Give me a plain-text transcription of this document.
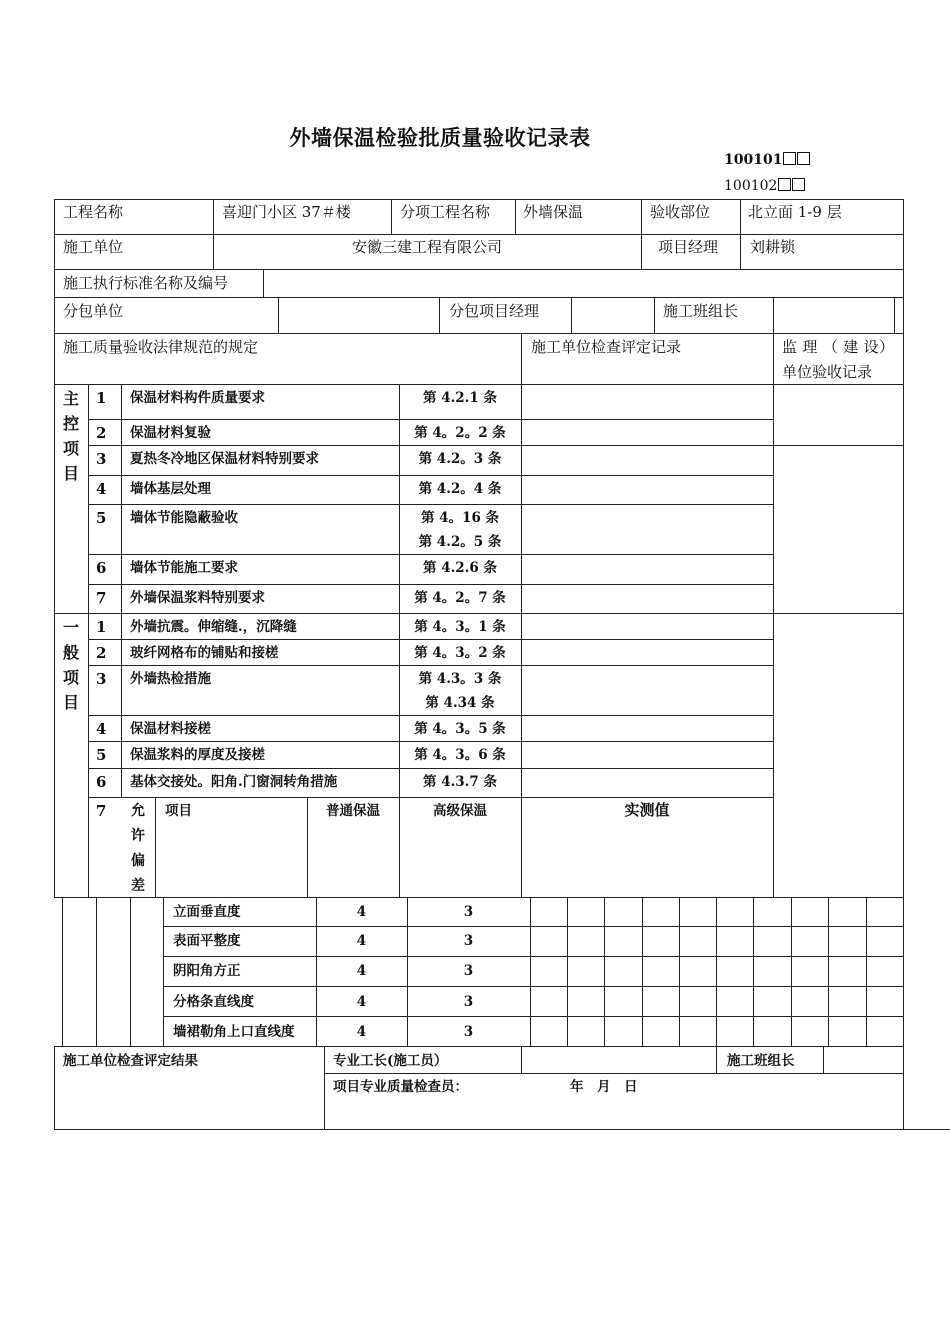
外墙保温检验批质量验收记录表
100101
100102
工程名称	喜迎门小区 37＃楼	分项工程名称 外墙保温	验收部位	北立面 1-9 层
施工单位	安徽三建工程有限公司	项目经理 刘耕锁
施工执行标准名称及编号
分包单位	分包项目经理	施工班组长
施工质量验收法律规范的规定	施工单位检查评定记录	监 理 （ 建 设）
单位验收记录
主
控
项
目
1 保温材料构件质量要求	第 4.2.1 条
2 保温材料复验	第 4。2。2 条
3 夏热冬冷地区保温材料特别要求	第 4.2。3 条
4 墙体基层处理	第 4.2。4 条
5 墙体节能隐蔽验收	第 4。16 条
第 4.2。5 条
6 墙体节能施工要求	第 4.2.6 条
7 外墙保温浆料特别要求	第 4。2。7 条
一
般
项
目
1 外墙抗震。伸缩缝.，沉降缝	第 4。3。1 条
2 玻纤网格布的铺贴和接槎	第 4。3。2 条
3 外墙热检措施	第 4.3。3 条
第 4.34 条
4 保温材料接槎	第 4。3。5 条
5 保温浆料的厚度及接槎	第 4。3。6 条
6 基体交接处。阳角.门窗洞转角措施	第 4.3.7 条
7 允
许
偏
差
项目	普通保温	高级保温	实测值
立面垂直度	4	3
表面平整度	4	3
阴阳角方正	4	3
分格条直线度	4	3
墙裙勒角上口直线度	4	3
施工单位检查评定结果	专业工长(施工员）	施工班组长
项目专业质量检查员：	年　月　日
